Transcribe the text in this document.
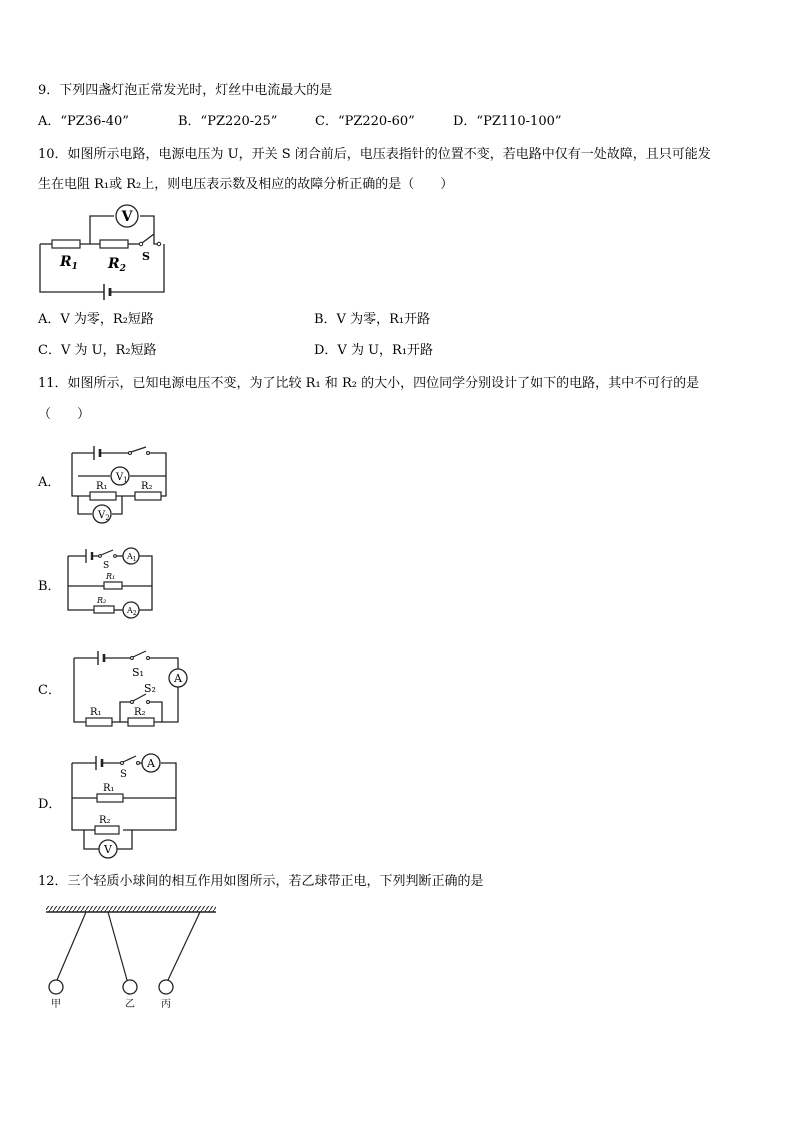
9．下列四盏灯泡正常发光时，灯丝中电流最大的是
A．“PZ36-40”	B．“PZ220-25”	C．“PZ220-60”	D．“PZ110-100”
10．如图所示电路，电源电压为 U，开关 S 闭合前后，电压表指针的位置不变，若电路中仅有一处故障，且只可能发
生在电阻 R₁或 R₂上，则电压表示数及相应的故障分析正确的是（　　）
V
$R_1$ $R_2$
S
A．V 为零，R₂短路	B．V 为零，R₁开路
C．V 为 U，R₂短路	D．V 为 U，R₁开路
11．如图所示，已知电源电压不变，为了比较 R₁ 和 R₂ 的大小，四位同学分别设计了如下的电路，其中不可行的是
（　　）
A．	$V_1$
R₁	R₂
$V_2$
B．
S
$A_1$
R₁
R₂
$A_2$
C．
S₁
S₂
A
R₁	R₂
D．
S
A
R₁
R₂
V
12．三个轻质小球间的相互作用如图所示，若乙球带正电，下列判断正确的是
甲	乙	丙
